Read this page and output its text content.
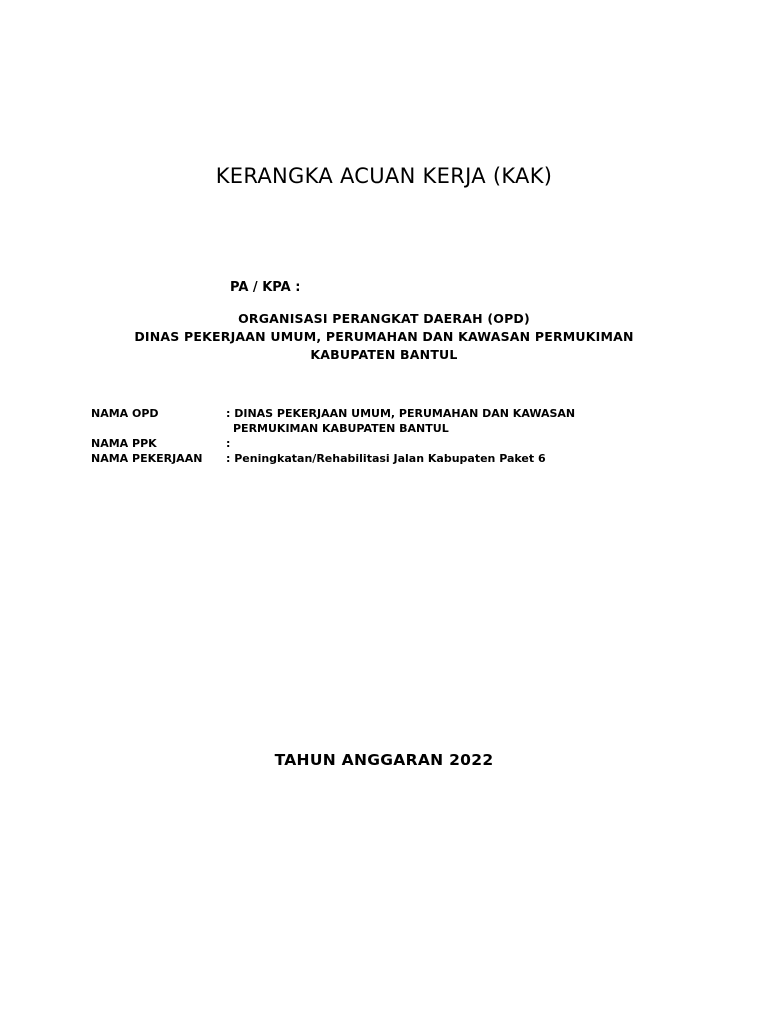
KERANGKA ACUAN KERJA (KAK)
PA / KPA :
ORGANISASI PERANGKAT DAERAH (OPD)
DINAS PEKERJAAN UMUM, PERUMAHAN DAN KAWASAN PERMUKIMAN
KABUPATEN BANTUL
NAMA OPD	: DINAS PEKERJAAN UMUM, PERUMAHAN DAN KAWASAN
PERMUKIMAN KABUPATEN BANTUL
NAMA PPK	:
NAMA PEKERJAAN	: Peningkatan/Rehabilitasi Jalan Kabupaten Paket 6
TAHUN ANGGARAN 2022
